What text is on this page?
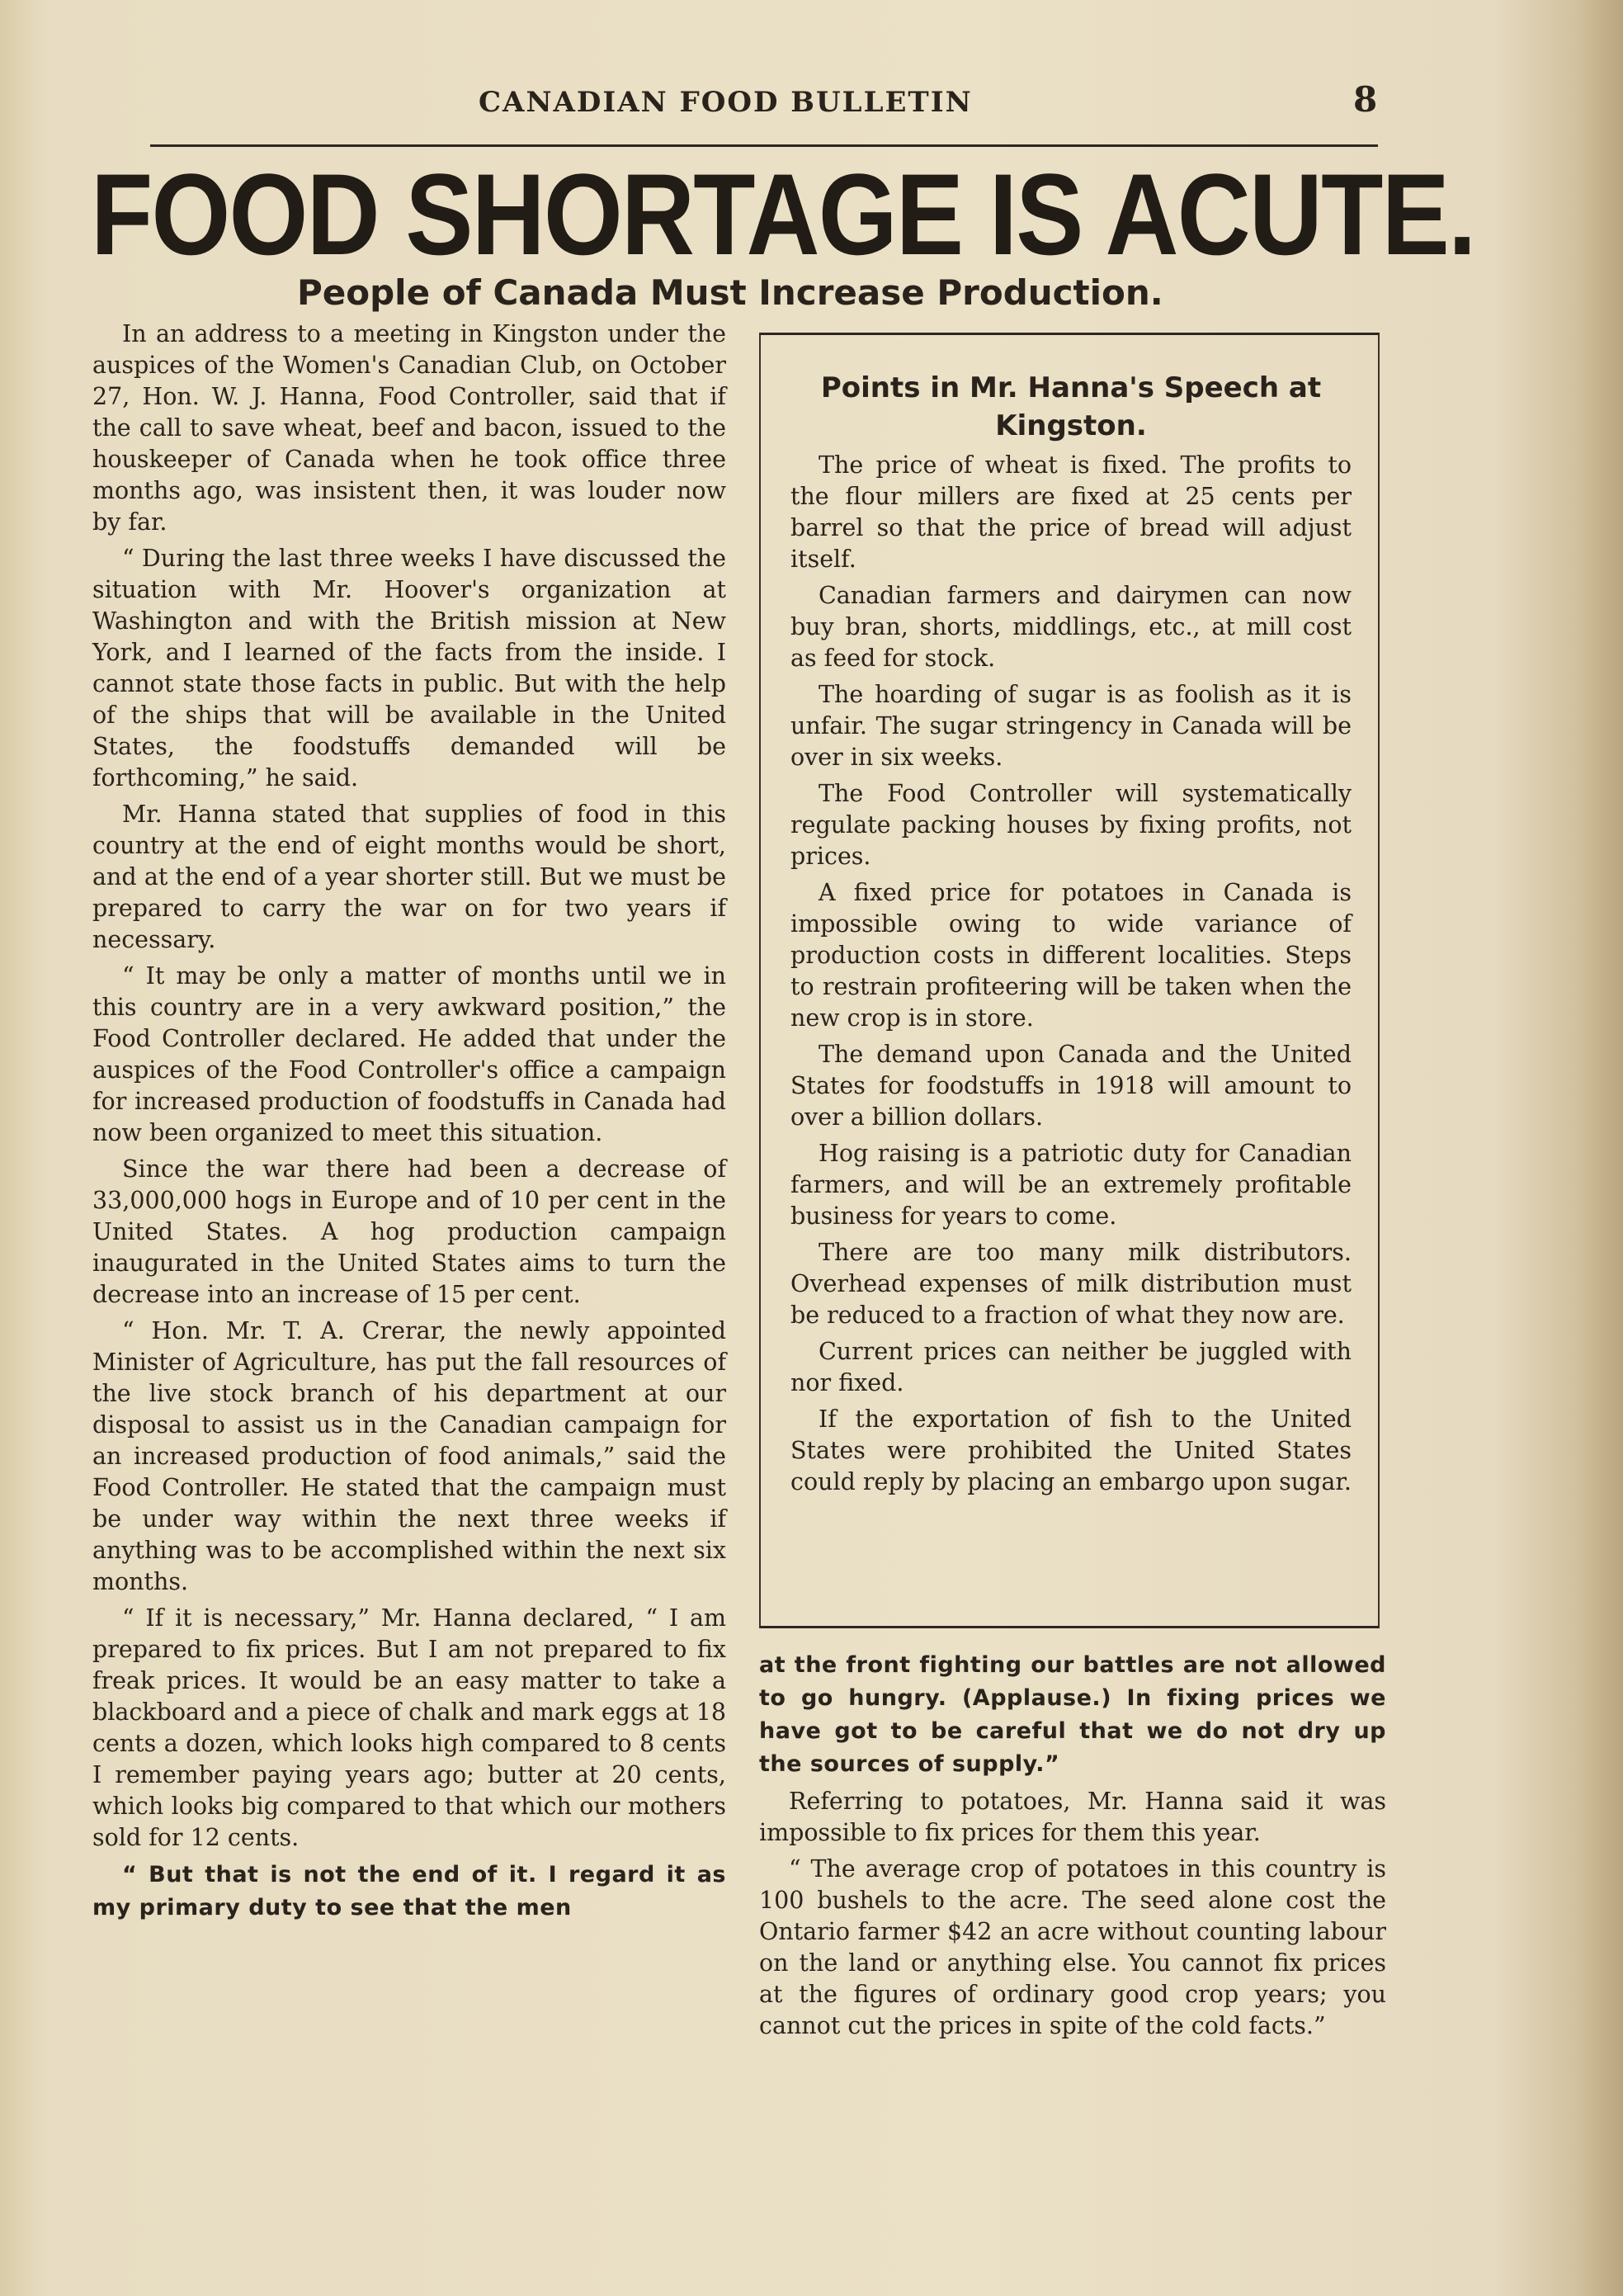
CANADIAN FOOD BULLETIN	8
FOOD SHORTAGE IS ACUTE.
People of Canada Must Increase Production.

In an address to a meeting in Kingston under the auspices of the Women's Canadian Club, on October 27, Hon. W. J. Hanna, Food Controller, said that if the call to save wheat, beef and bacon, issued to the houskeeper of Canada when he took office three months ago, was insistent then, it was louder now by far.

“ During the last three weeks I have discussed the situation with Mr. Hoover's organization at Washington and with the British mission at New York, and I learned of the facts from the inside. I cannot state those facts in public. But with the help of the ships that will be available in the United States, the foodstuffs demanded will be forthcoming,” he said.

Mr. Hanna stated that supplies of food in this country at the end of eight months would be short, and at the end of a year shorter still. But we must be prepared to carry the war on for two years if necessary.

“ It may be only a matter of months until we in this country are in a very awkward position,” the Food Controller declared. He added that under the auspices of the Food Controller's office a campaign for increased production of foodstuffs in Canada had now been organized to meet this situation.

Since the war there had been a decrease of 33,000,000 hogs in Europe and of 10 per cent in the United States. A hog production campaign inaugurated in the United States aims to turn the decrease into an increase of 15 per cent.

“ Hon. Mr. T. A. Crerar, the newly appointed Minister of Agriculture, has put the fall resources of the live stock branch of his department at our disposal to assist us in the Canadian campaign for an increased production of food animals,” said the Food Controller. He stated that the campaign must be under way within the next three weeks if anything was to be accomplished within the next six months.

“ If it is necessary,” Mr. Hanna declared, “ I am prepared to fix prices. But I am not prepared to fix freak prices. It would be an easy matter to take a blackboard and a piece of chalk and mark eggs at 18 cents a dozen, which looks high compared to 8 cents I remember paying years ago; butter at 20 cents, which looks big compared to that which our mothers sold for 12 cents.

“ But that is not the end of it. I regard it as my primary duty to see that the men

Points in Mr. Hanna's Speech at Kingston.

The price of wheat is fixed. The profits to the flour millers are fixed at 25 cents per barrel so that the price of bread will adjust itself.

Canadian farmers and dairymen can now buy bran, shorts, middlings, etc., at mill cost as feed for stock.

The hoarding of sugar is as foolish as it is unfair. The sugar stringency in Canada will be over in six weeks.

The Food Controller will systematically regulate packing houses by fixing profits, not prices.

A fixed price for potatoes in Canada is impossible owing to wide variance of production costs in different localities. Steps to restrain profiteering will be taken when the new crop is in store.

The demand upon Canada and the United States for foodstuffs in 1918 will amount to over a billion dollars.

Hog raising is a patriotic duty for Canadian farmers, and will be an extremely profitable business for years to come.

There are too many milk distributors. Overhead expenses of milk distribution must be reduced to a fraction of what they now are.

Current prices can neither be juggled with nor fixed.

If the exportation of fish to the United States were prohibited the United States could reply by placing an embargo upon sugar.

at the front fighting our battles are not allowed to go hungry. (Applause.) In fixing prices we have got to be careful that we do not dry up the sources of supply.”

Referring to potatoes, Mr. Hanna said it was impossible to fix prices for them this year.

“ The average crop of potatoes in this country is 100 bushels to the acre. The seed alone cost the Ontario farmer $42 an acre without counting labour on the land or anything else. You cannot fix prices at the figures of ordinary good crop years; you cannot cut the prices in spite of the cold facts.”
